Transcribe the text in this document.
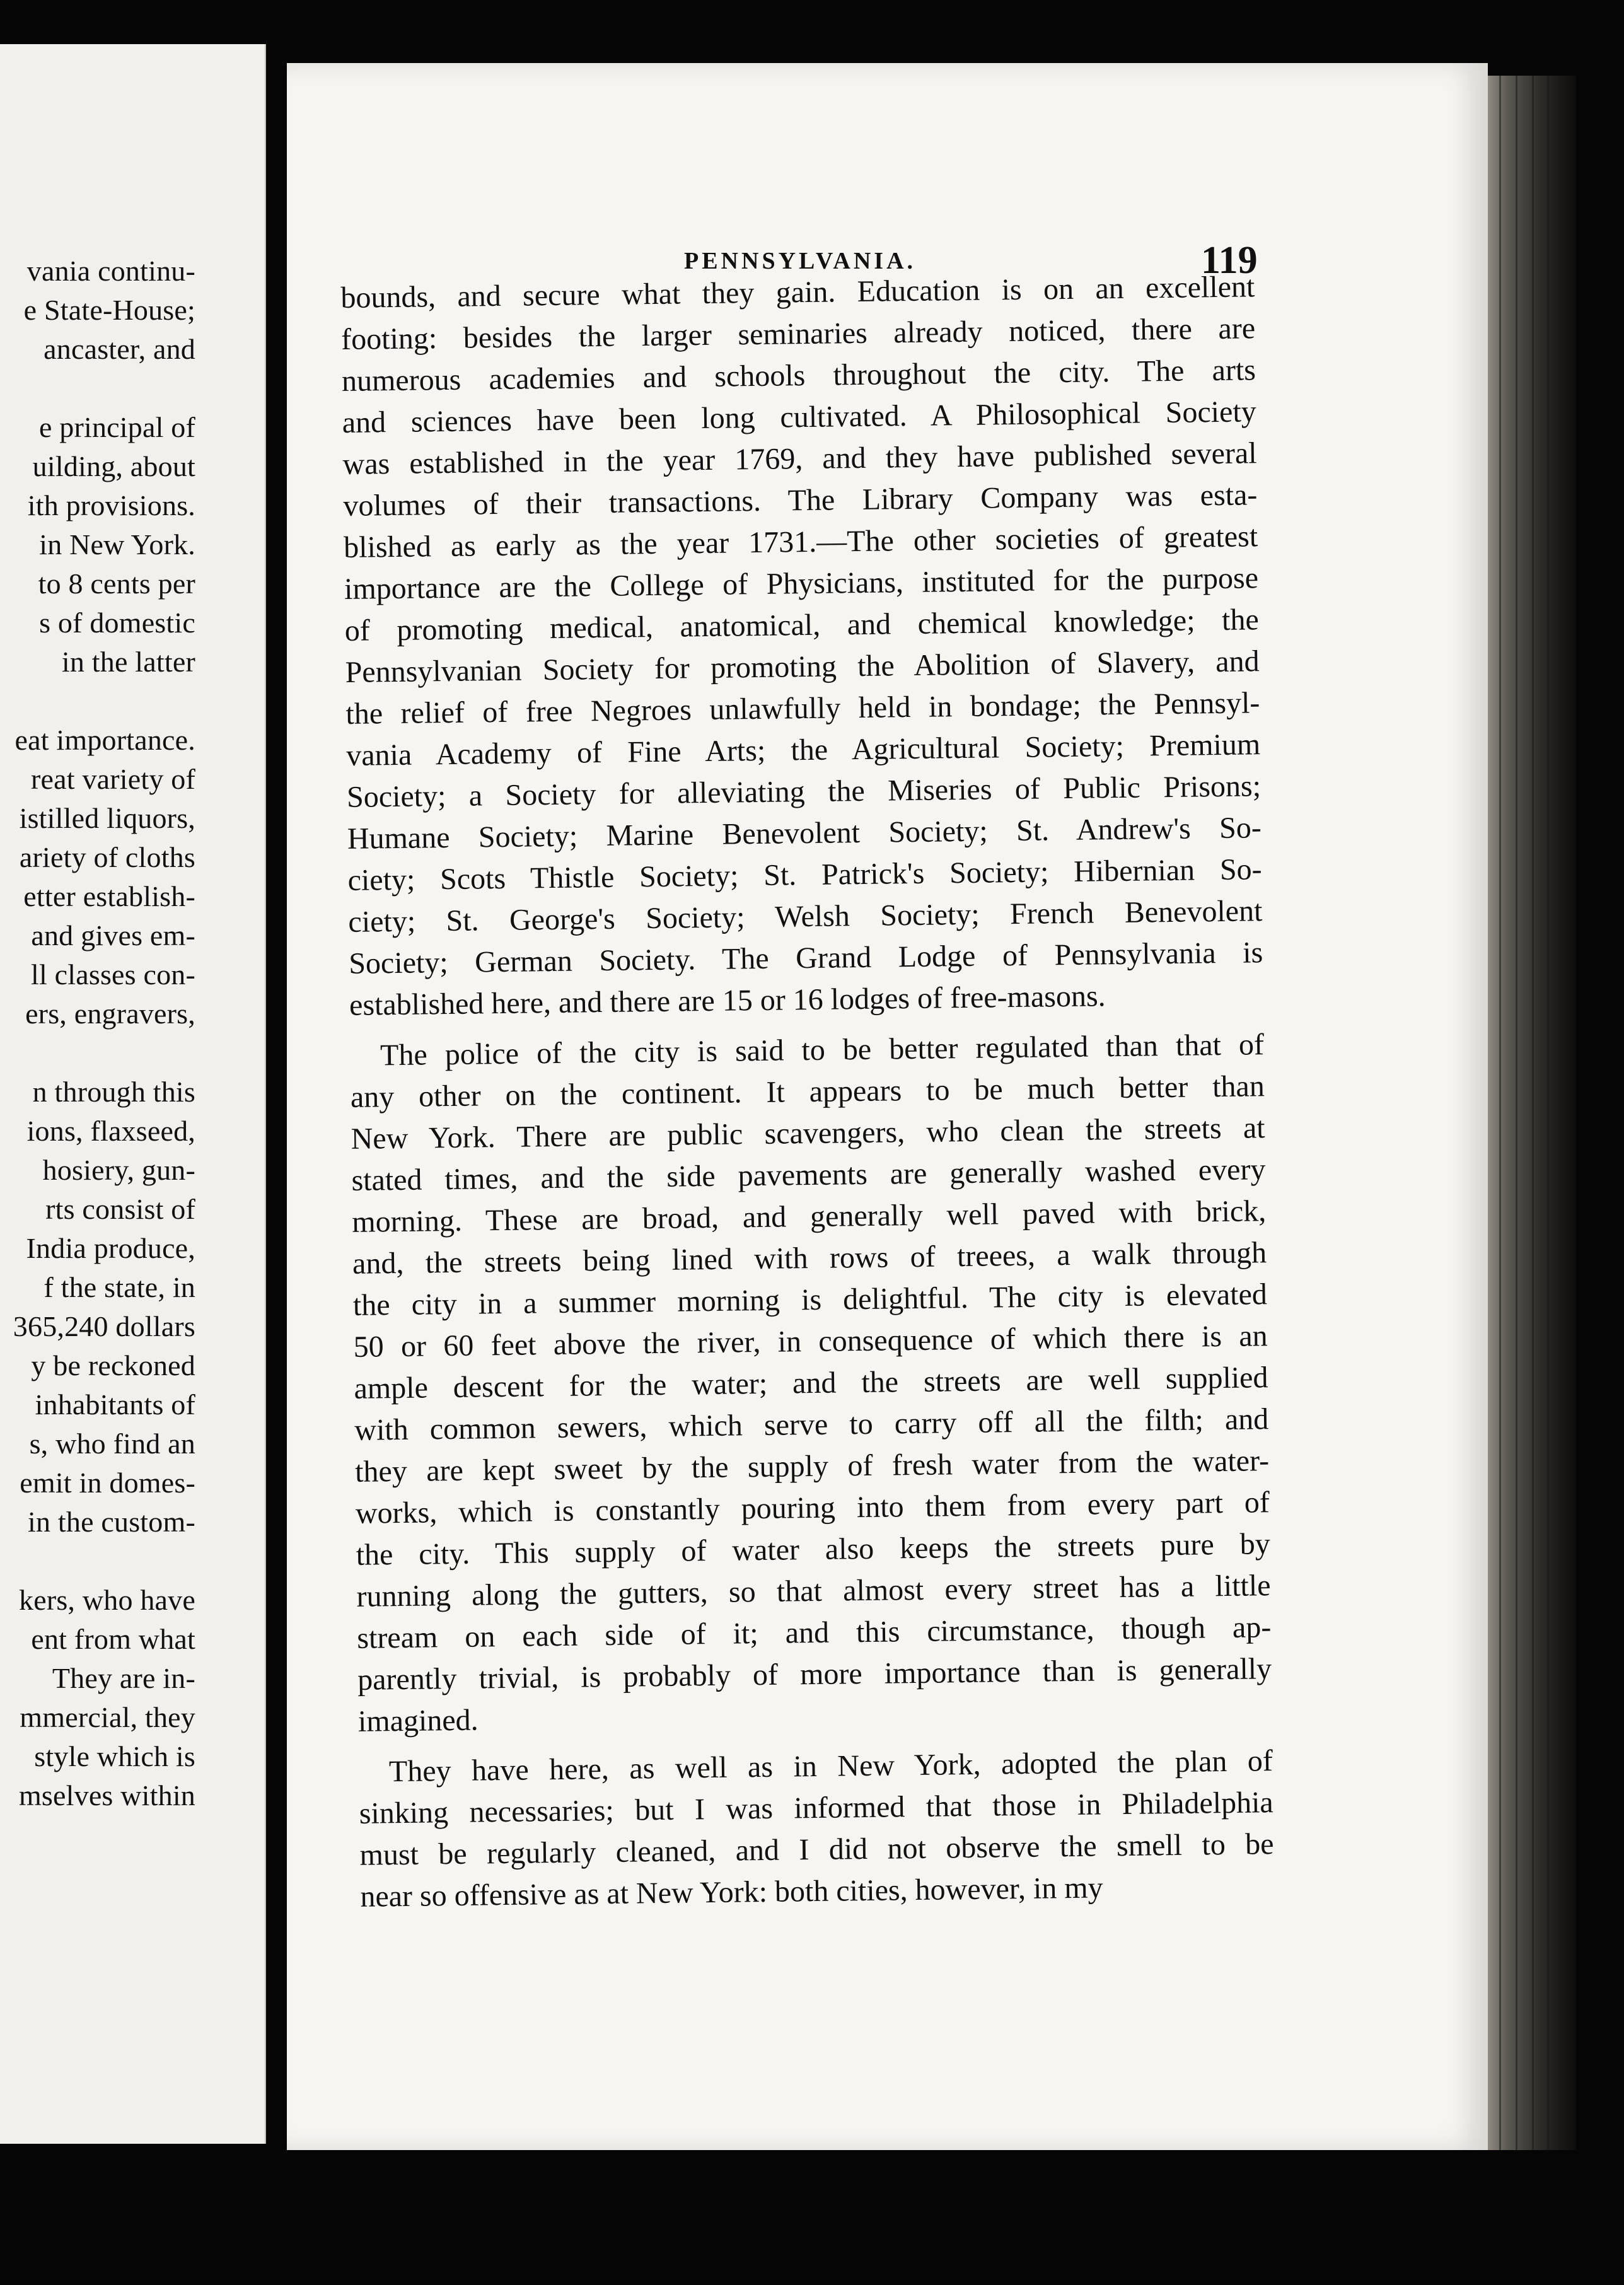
vania continu-
e State-House;
ancaster, and
e principal of
uilding, about
ith provisions.
in New York.
to 8 cents per
s of domestic
in the latter
eat importance.
reat variety of
istilled liquors,
ariety of cloths
etter establish-
and gives em-
ll classes con-
ers, engravers,
n through this
ions, flaxseed,
hosiery, gun-
rts consist of
India produce,
f the state, in
365,240 dollars
y be reckoned
inhabitants of
s, who find an
emit in domes-
in the custom-
kers, who have
ent from what
They are in-
mmercial, they
style which is
mselves within
PENNSYLVANIA.	119
bounds, and secure what they gain. Education is on an excellent
footing: besides the larger seminaries already noticed, there are
numerous academies and schools throughout the city. The arts
and sciences have been long cultivated. A Philosophical Society
was established in the year 1769, and they have published several
volumes of their transactions. The Library Company was esta-
blished as early as the year 1731.—The other societies of greatest
importance are the College of Physicians, instituted for the purpose
of promoting medical, anatomical, and chemical knowledge; the
Pennsylvanian Society for promoting the Abolition of Slavery, and
the relief of free Negroes unlawfully held in bondage; the Pennsyl-
vania Academy of Fine Arts; the Agricultural Society; Premium
Society; a Society for alleviating the Miseries of Public Prisons;
Humane Society; Marine Benevolent Society; St. Andrew's So-
ciety; Scots Thistle Society; St. Patrick's Society; Hibernian So-
ciety; St. George's Society; Welsh Society; French Benevolent
Society; German Society. The Grand Lodge of Pennsylvania is
established here, and there are 15 or 16 lodges of free-masons.
The police of the city is said to be better regulated than that of
any other on the continent. It appears to be much better than
New York. There are public scavengers, who clean the streets at
stated times, and the side pavements are generally washed every
morning. These are broad, and generally well paved with brick,
and, the streets being lined with rows of treees, a walk through
the city in a summer morning is delightful. The city is elevated
50 or 60 feet above the river, in consequence of which there is an
ample descent for the water; and the streets are well supplied
with common sewers, which serve to carry off all the filth; and
they are kept sweet by the supply of fresh water from the water-
works, which is constantly pouring into them from every part of
the city. This supply of water also keeps the streets pure by
running along the gutters, so that almost every street has a little
stream on each side of it; and this circumstance, though ap-
parently trivial, is probably of more importance than is generally
imagined.
They have here, as well as in New York, adopted the plan of
sinking necessaries; but I was informed that those in Philadelphia
must be regularly cleaned, and I did not observe the smell to be
near so offensive as at New York: both cities, however, in my
